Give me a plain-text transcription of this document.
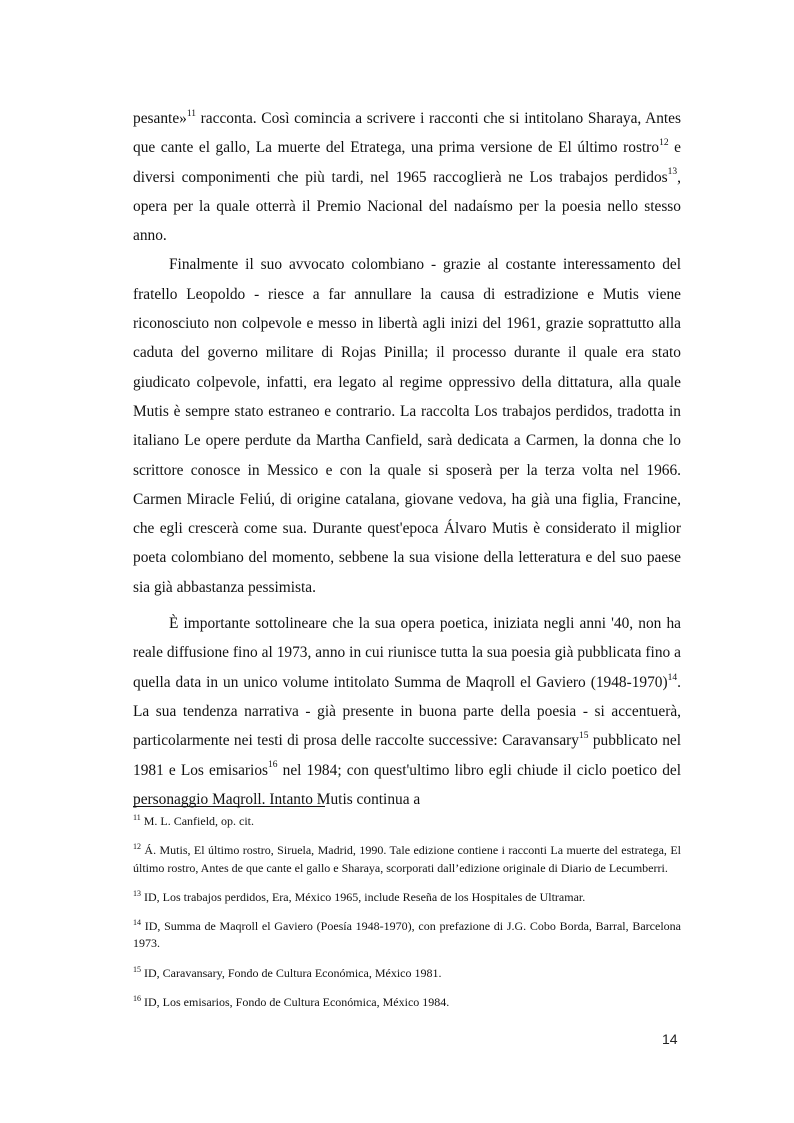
pesante»$^{11}$ racconta. Così comincia a scrivere i racconti che si intitolano Sharaya, Antes que cante el gallo, La muerte del Etratega, una prima versione de El último rostro$^{12}$ e diversi componimenti che più tardi, nel 1965 raccoglierà ne Los trabajos perdidos$^{13}$, opera per la quale otterrà il Premio Nacional del nadaísmo per la poesia nello stesso anno.

Finalmente il suo avvocato colombiano - grazie al costante interessamento del fratello Leopoldo - riesce a far annullare la causa di estradizione e Mutis viene riconosciuto non colpevole e messo in libertà agli inizi del 1961, grazie soprattutto alla caduta del governo militare di Rojas Pinilla; il processo durante il quale era stato giudicato colpevole, infatti, era legato al regime oppressivo della dittatura, alla quale Mutis è sempre stato estraneo e contrario. La raccolta Los trabajos perdidos, tradotta in italiano Le opere perdute da Martha Canfield, sarà dedicata a Carmen, la donna che lo scrittore conosce in Messico e con la quale si sposerà per la terza volta nel 1966. Carmen Miracle Feliú, di origine catalana, giovane vedova, ha già una figlia, Francine, che egli crescerà come sua. Durante quest'epoca Álvaro Mutis è considerato il miglior poeta colombiano del momento, sebbene la sua visione della letteratura e del suo paese sia già abbastanza pessimista.

È importante sottolineare che la sua opera poetica, iniziata negli anni '40, non ha reale diffusione fino al 1973, anno in cui riunisce tutta la sua poesia già pubblicata fino a quella data in un unico volume intitolato Summa de Maqroll el Gaviero (1948-1970)$^{14}$. La sua tendenza narrativa - già presente in buona parte della poesia - si accentuerà, particolarmente nei testi di prosa delle raccolte successive: Caravansary$^{15}$ pubblicato nel 1981 e Los emisarios$^{16}$ nel 1984; con quest'ultimo libro egli chiude il ciclo poetico del personaggio Maqroll. Intanto Mutis continua a

$^{11}$ M. L. Canfield, op. cit.

$^{12}$ Á. Mutis, El último rostro, Siruela, Madrid, 1990. Tale edizione contiene i racconti La muerte del estratega, El último rostro, Antes de que cante el gallo e Sharaya, scorporati dall’edizione originale di Diario de Lecumberri.

$^{13}$ ID, Los trabajos perdidos, Era, México 1965, include Reseña de los Hospitales de Ultramar.

$^{14}$ ID, Summa de Maqroll el Gaviero (Poesía 1948-1970), con prefazione di J.G. Cobo Borda, Barral, Barcelona 1973.

$^{15}$ ID, Caravansary, Fondo de Cultura Económica, México 1981.

$^{16}$ ID, Los emisarios, Fondo de Cultura Económica, México 1984.

14
